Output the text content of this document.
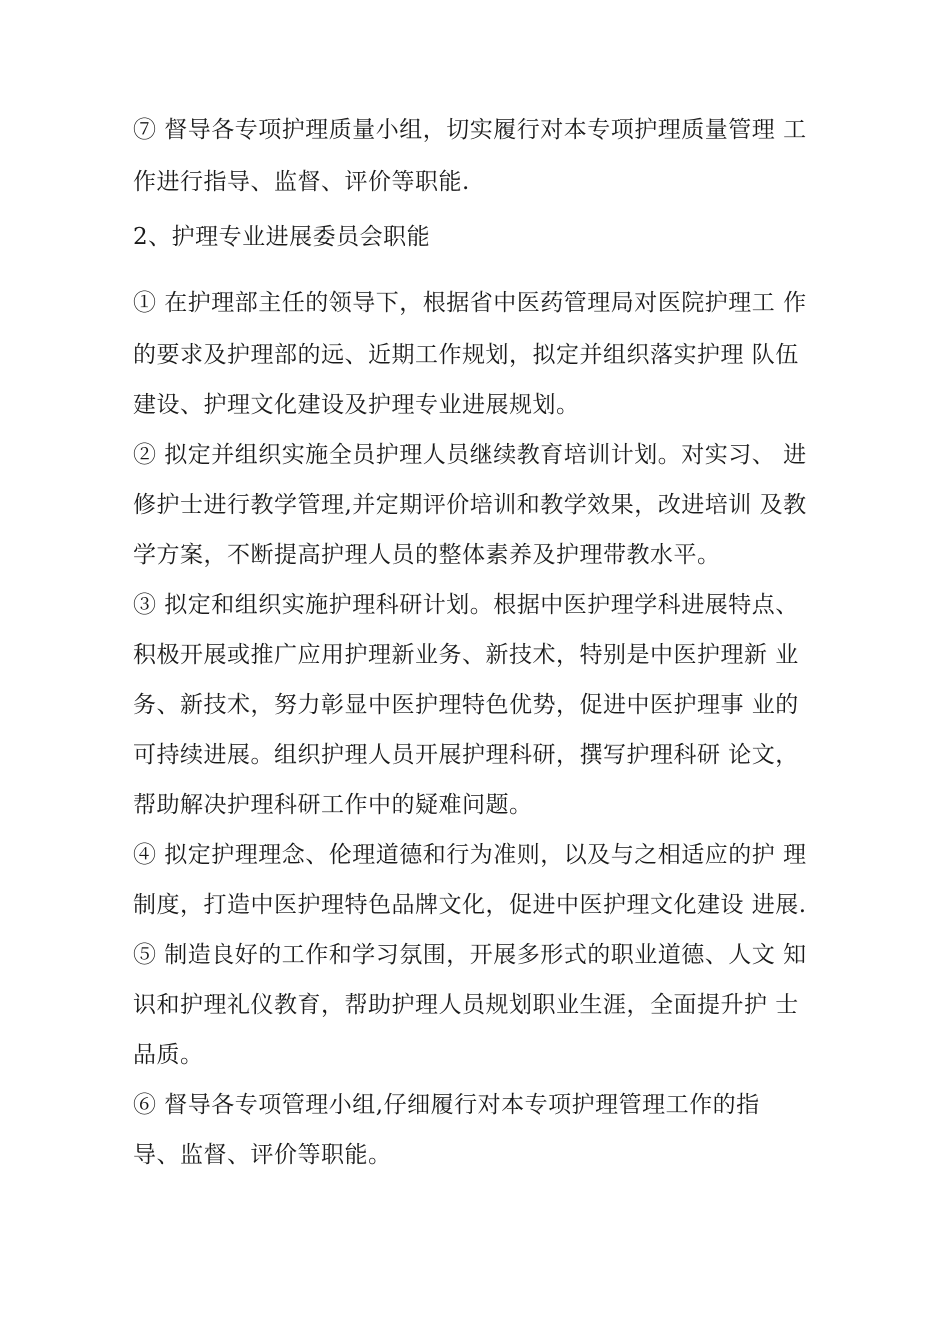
⑦ 督导各专项护理质量小组，切实履行对本专项护理质量管理 工
作进行指导、监督、评价等职能.
2、护理专业进展委员会职能
① 在护理部主任的领导下，根据省中医药管理局对医院护理工 作
的要求及护理部的远、近期工作规划，拟定并组织落实护理 队伍
建设、护理文化建设及护理专业进展规划。
② 拟定并组织实施全员护理人员继续教育培训计划。对实习、 进
修护士进行教学管理,并定期评价培训和教学效果，改进培训 及教
学方案，不断提高护理人员的整体素养及护理带教水平。
③ 拟定和组织实施护理科研计划。根据中医护理学科进展特点、
积极开展或推广应用护理新业务、新技术，特别是中医护理新 业
务、新技术，努力彰显中医护理特色优势，促进中医护理事 业的
可持续进展。组织护理人员开展护理科研，撰写护理科研 论文，
帮助解决护理科研工作中的疑难问题。
④ 拟定护理理念、伦理道德和行为准则，以及与之相适应的护 理
制度，打造中医护理特色品牌文化，促进中医护理文化建设 进展.
⑤ 制造良好的工作和学习氛围，开展多形式的职业道德、人文 知
识和护理礼仪教育，帮助护理人员规划职业生涯，全面提升护 士
品质。
⑥ 督导各专项管理小组,仔细履行对本专项护理管理工作的指
导、监督、评价等职能。
